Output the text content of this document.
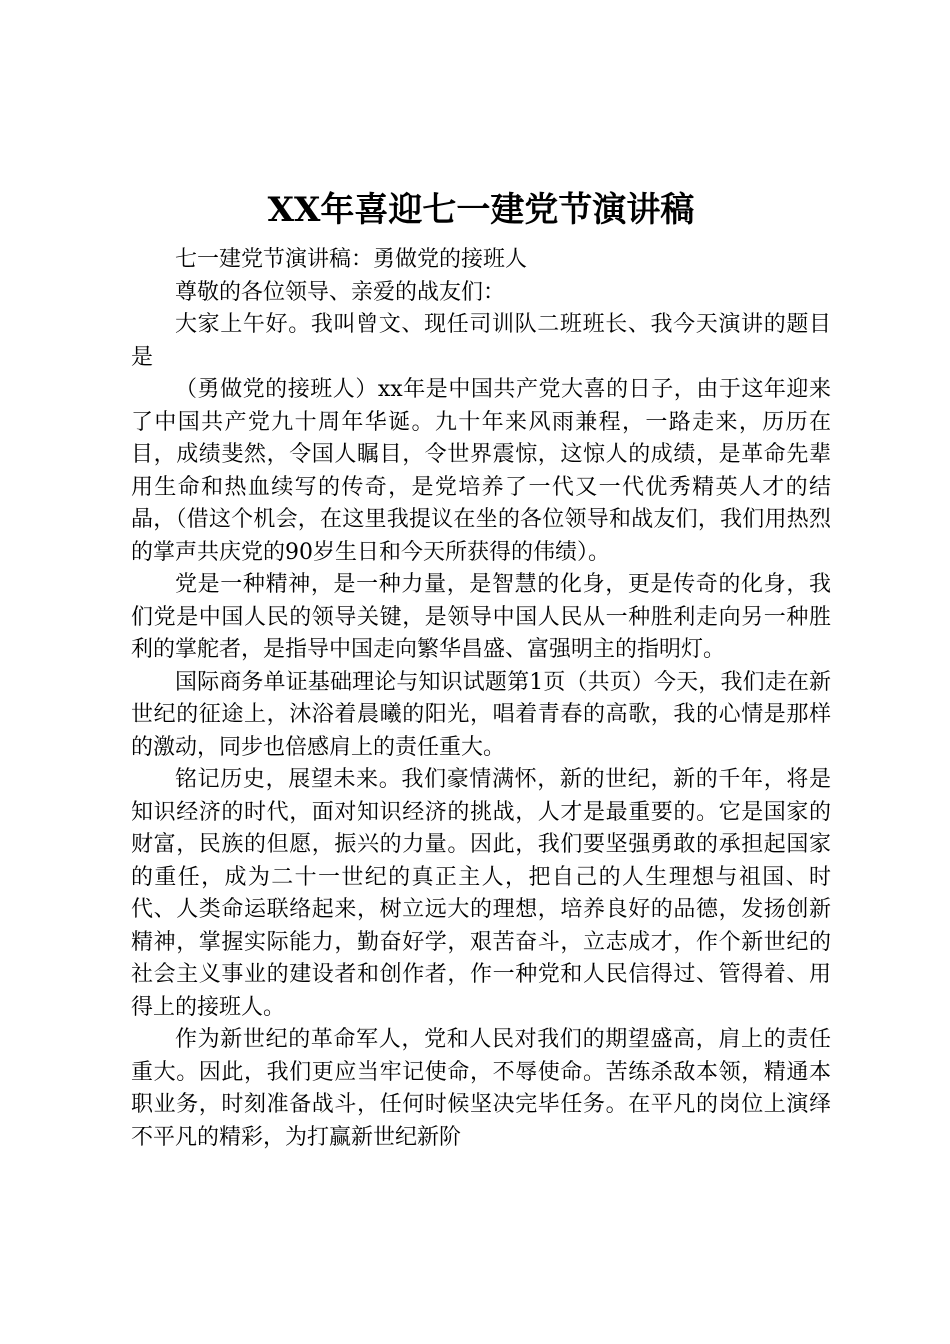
XX年喜迎七一建党节演讲稿

七一建党节演讲稿：勇做党的接班人

尊敬的各位领导、亲爱的战友们：

大家上午好。我叫曾文、现任司训队二班班长、我今天演讲的题目是

（勇做党的接班人）xx年是中国共产党大喜的日子，由于这年迎来了中国共产党九十周年华诞。九十年来风雨兼程，一路走来，历历在目，成绩斐然，令国人瞩目，令世界震惊，这惊人的成绩，是革命先辈用生命和热血续写的传奇，是党培养了一代又一代优秀精英人才的结晶，（借这个机会，在这里我提议在坐的各位领导和战友们，我们用热烈的掌声共庆党的90岁生日和今天所获得的伟绩）。

党是一种精神，是一种力量，是智慧的化身，更是传奇的化身，我们党是中国人民的领导关键，是领导中国人民从一种胜利走向另一种胜利的掌舵者，是指导中国走向繁华昌盛、富强明主的指明灯。

国际商务单证基础理论与知识试题第1页（共页）今天，我们走在新世纪的征途上，沐浴着晨曦的阳光，唱着青春的高歌，我的心情是那样的激动，同步也倍感肩上的责任重大。

铭记历史，展望未来。我们豪情满怀，新的世纪，新的千年，将是知识经济的时代，面对知识经济的挑战，人才是最重要的。它是国家的财富，民族的但愿，振兴的力量。因此，我们要坚强勇敢的承担起国家的重任，成为二十一世纪的真正主人，把自己的人生理想与祖国、时代、人类命运联络起来，树立远大的理想，培养良好的品德，发扬创新精神，掌握实际能力，勤奋好学，艰苦奋斗，立志成才，作个新世纪的社会主义事业的建设者和创作者，作一种党和人民信得过、管得着、用得上的接班人。

作为新世纪的革命军人，党和人民对我们的期望盛高，肩上的责任重大。因此，我们更应当牢记使命，不辱使命。苦练杀敌本领，精通本职业务，时刻准备战斗，任何时候坚决完毕任务。在平凡的岗位上演绎不平凡的精彩，为打赢新世纪新阶
